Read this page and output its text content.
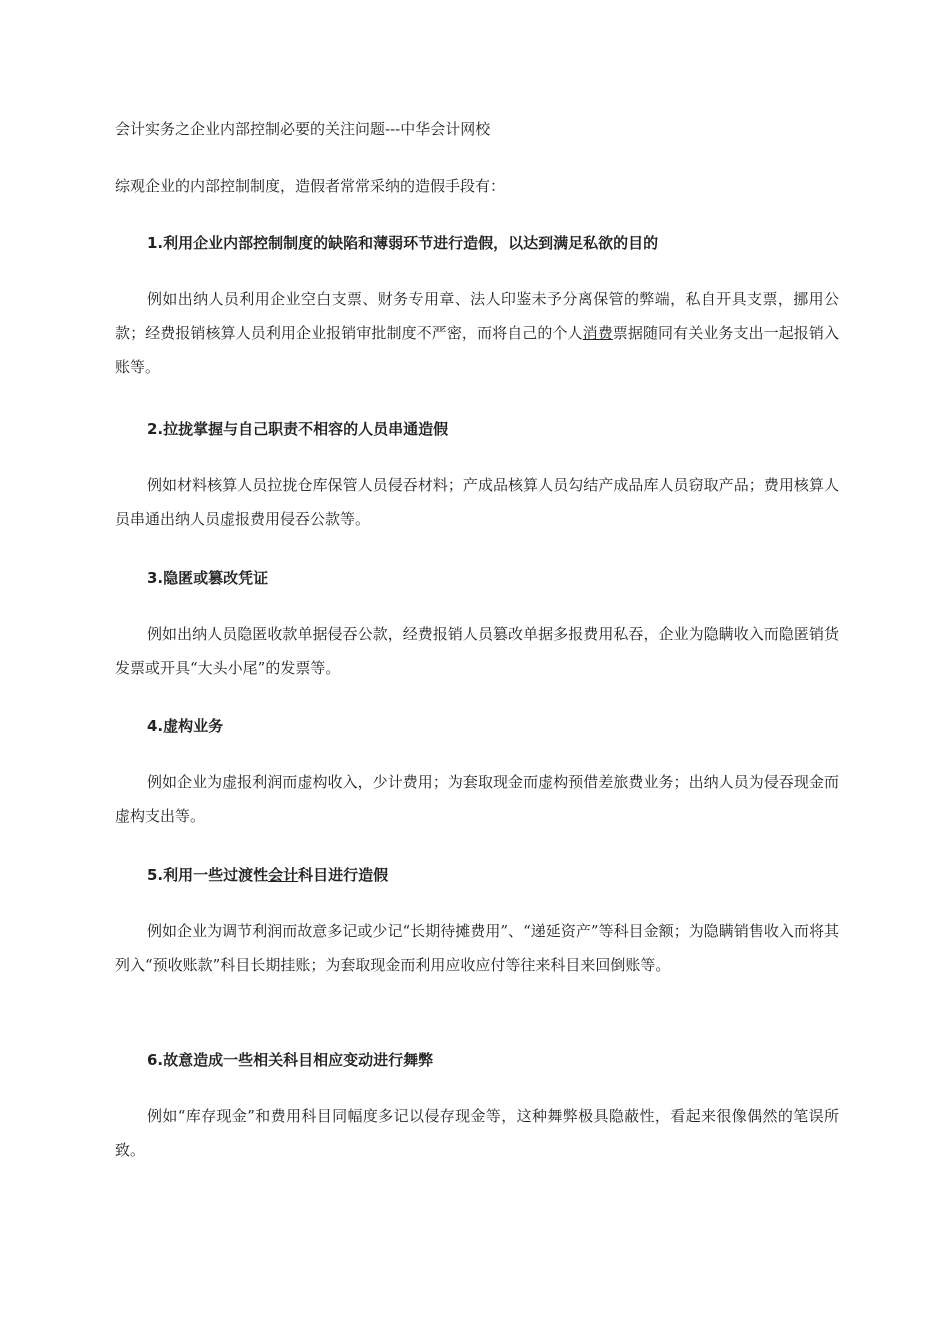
会计实务之企业内部控制必要的关注问题---中华会计网校
综观企业的内部控制制度，造假者常常采纳的造假手段有：
1.利用企业内部控制制度的缺陷和薄弱环节进行造假，以达到满足私欲的目的
例如出纳人员利用企业空白支票、财务专用章、法人印鉴未予分离保管的弊端，私自开具支票，挪用公款；经费报销核算人员利用企业报销审批制度不严密，而将自己的个人消费票据随同有关业务支出一起报销入账等。
2.拉拢掌握与自己职责不相容的人员串通造假
例如材料核算人员拉拢仓库保管人员侵吞材料；产成品核算人员勾结产成品库人员窃取产品；费用核算人员串通出纳人员虚报费用侵吞公款等。
3.隐匿或篡改凭证
例如出纳人员隐匿收款单据侵吞公款，经费报销人员篡改单据多报费用私吞，企业为隐瞒收入而隐匿销货发票或开具“大头小尾”的发票等。
4.虚构业务
例如企业为虚报利润而虚构收入，少计费用；为套取现金而虚构预借差旅费业务；出纳人员为侵吞现金而虚构支出等。
5.利用一些过渡性会计科目进行造假
例如企业为调节利润而故意多记或少记“长期待摊费用”、“递延资产”等科目金额；为隐瞒销售收入而将其列入“预收账款”科目长期挂账；为套取现金而利用应收应付等往来科目来回倒账等。
6.故意造成一些相关科目相应变动进行舞弊
例如“库存现金”和费用科目同幅度多记以侵存现金等，这种舞弊极具隐蔽性，看起来很像偶然的笔误所致。
